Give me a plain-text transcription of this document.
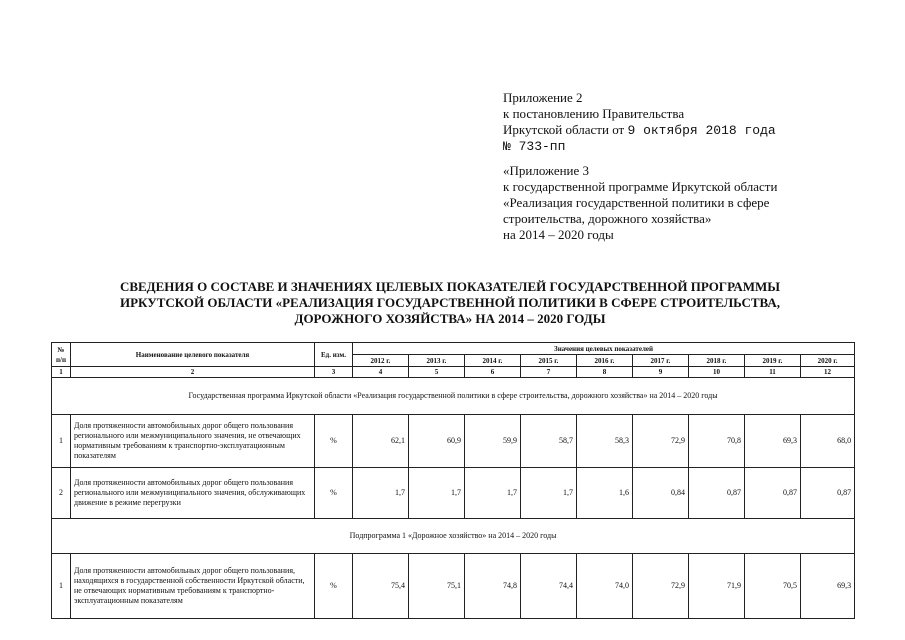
Приложение 2
к постановлению Правительства
Иркутской области от 9 октября 2018 года
№ 733-пп
«Приложение 3
к государственной программе Иркутской области
«Реализация государственной политики в сфере
строительства, дорожного хозяйства»
на 2014 – 2020 годы
СВЕДЕНИЯ О СОСТАВЕ И ЗНАЧЕНИЯХ ЦЕЛЕВЫХ ПОКАЗАТЕЛЕЙ ГОСУДАРСТВЕННОЙ ПРОГРАММЫ
ИРКУТСКОЙ ОБЛАСТИ «РЕАЛИЗАЦИЯ ГОСУДАРСТВЕННОЙ ПОЛИТИКИ В СФЕРЕ СТРОИТЕЛЬСТВА,
ДОРОЖНОГО ХОЗЯЙСТВА» НА 2014 – 2020 ГОДЫ
№ п/п	Наименование целевого показателя	Ед. изм.	Значения целевых показателей								
			2012 г.	2013 г.	2014 г.	2015 г.	2016 г.	2017 г.	2018 г.	2019 г.	2020 г.
1	2	3	4	5	6	7	8	9	10	11	12
Государственная программа Иркутской области «Реализация государственной политики в сфере строительства, дорожного хозяйства» на 2014 – 2020 годы											
1	Доля протяженности автомобильных дорог общего пользования регионального или межмуниципального значения, не отвечающих нормативным требованиям к транспортно-эксплуатационным показателям	%	62,1	60,9	59,9	58,7	58,3	72,9	70,8	69,3	68,0
2	Доля протяженности автомобильных дорог общего пользования регионального или межмуниципального значения, обслуживающих движение в режиме перегрузки	%	1,7	1,7	1,7	1,7	1,6	0,84	0,87	0,87	0,87
Подпрограмма 1 «Дорожное хозяйство» на 2014 – 2020 годы											
1	Доля протяженности автомобильных дорог общего пользования, находящихся в государственной собственности Иркутской области, не отвечающих нормативным требованиям к транспортно-эксплуатационным показателям	%	75,4	75,1	74,8	74,4	74,0	72,9	71,9	70,5	69,3
